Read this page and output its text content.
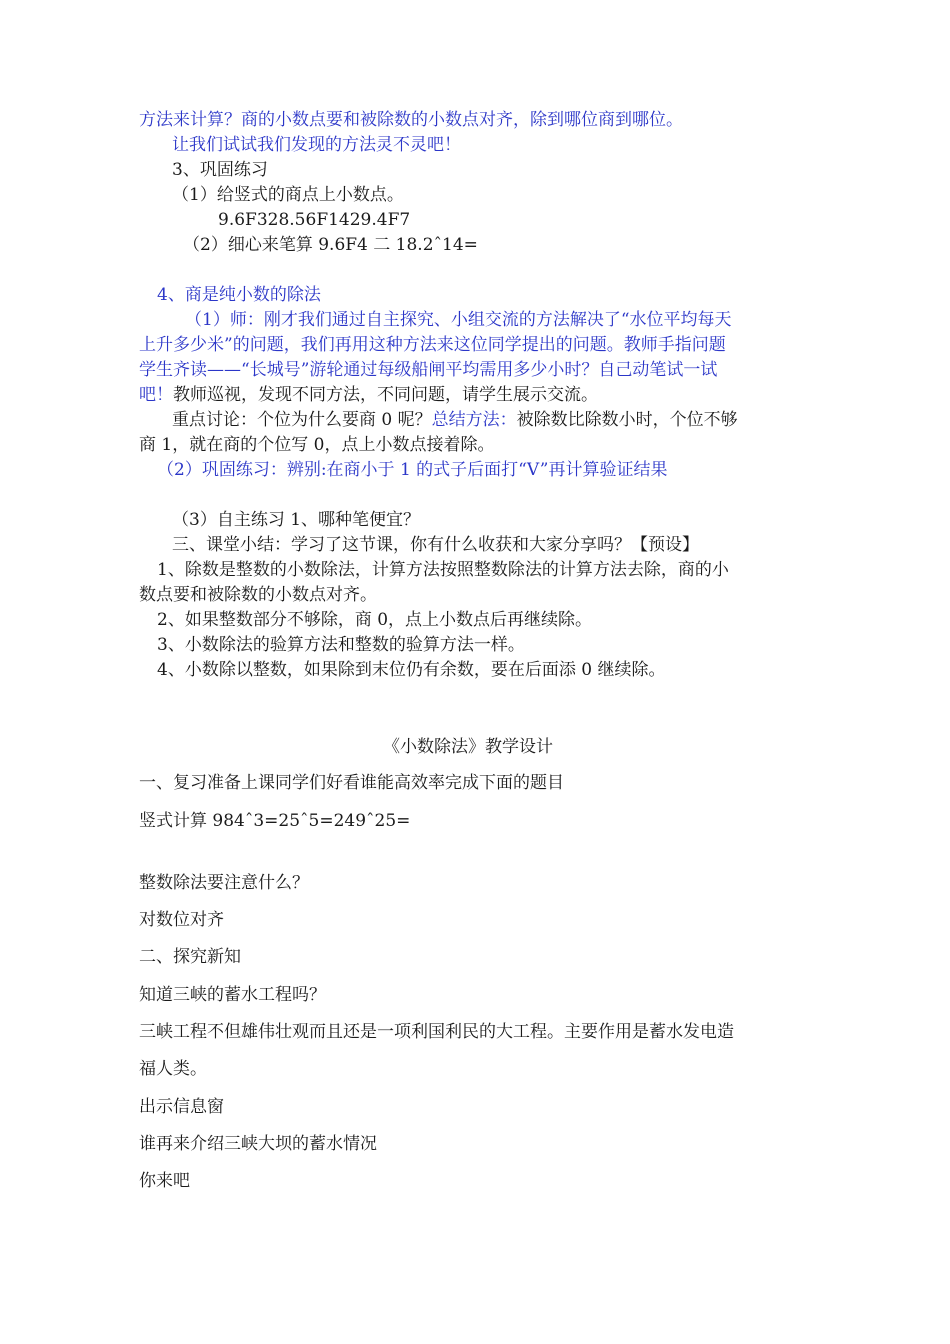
方法来计算？商的小数点要和被除数的小数点对齐，除到哪位商到哪位。
让我们试试我们发现的方法灵不灵吧！
3、巩固练习
（1）给竖式的商点上小数点。
9.6F328.56F1429.4F7
（2）细心来笔算 9.6F4 二 18.2ˆ14=
4、商是纯小数的除法
（1）师：刚才我们通过自主探究、小组交流的方法解决了“水位平均每天
上升多少米”的问题，我们再用这种方法来这位同学提出的问题。教师手指问题
学生齐读——“长城号”游轮通过每级船闸平均需用多少小时？自己动笔试一试
吧！教师巡视，发现不同方法，不同问题，请学生展示交流。
重点讨论：个位为什么要商 0 呢？总结方法：被除数比除数小时，个位不够
商 1，就在商的个位写 0，点上小数点接着除。
（2）巩固练习：辨别:在商小于 1 的式子后面打“V”再计算验证结果
（3）自主练习 1、哪种笔便宜？
三、课堂小结：学习了这节课，你有什么收获和大家分享吗？【预设】
1、除数是整数的小数除法，计算方法按照整数除法的计算方法去除，商的小
数点要和被除数的小数点对齐。
2、如果整数部分不够除，商 0，点上小数点后再继续除。
3、小数除法的验算方法和整数的验算方法一样。
4、小数除以整数，如果除到末位仍有余数，要在后面添 0 继续除。
《小数除法》教学设计
一、复习准备上课同学们好看谁能高效率完成下面的题目
竖式计算 984ˆ3=25ˆ5=249ˆ25=
整数除法要注意什么？
对数位对齐
二、探究新知
知道三峡的蓄水工程吗？
三峡工程不但雄伟壮观而且还是一项利国利民的大工程。主要作用是蓄水发电造
福人类。
出示信息窗
谁再来介绍三峡大坝的蓄水情况
你来吧
